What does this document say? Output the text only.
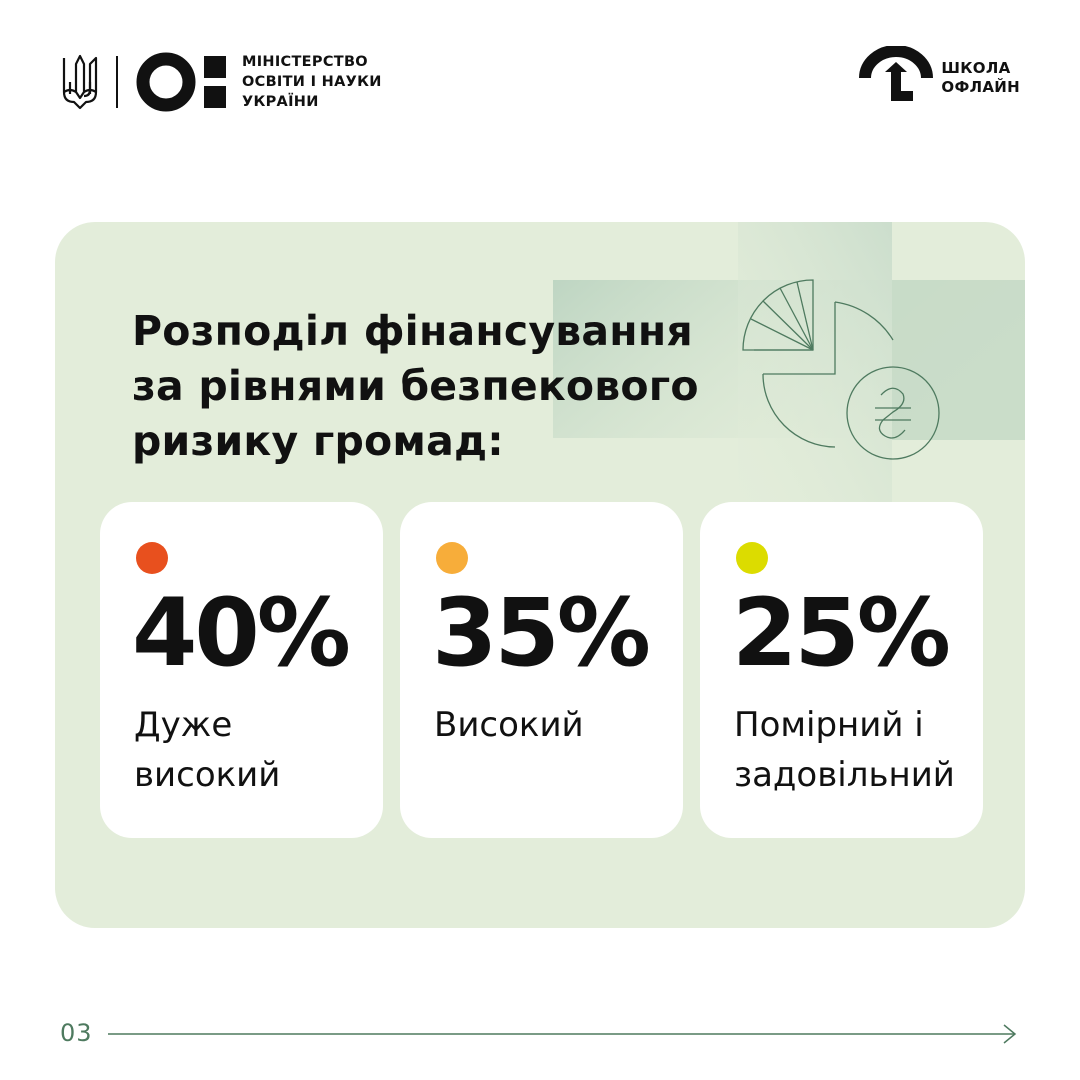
МІНІСТЕРСТВО
ОСВІТИ І НАУКИ
УКРАЇНИ
ШКОЛА
ОФЛАЙН
Розподіл фінансування
за рівнями безпекового
ризику громад:
40%
Дуже
високий
35%
Високий
25%
Помірний і
задовільний
03
